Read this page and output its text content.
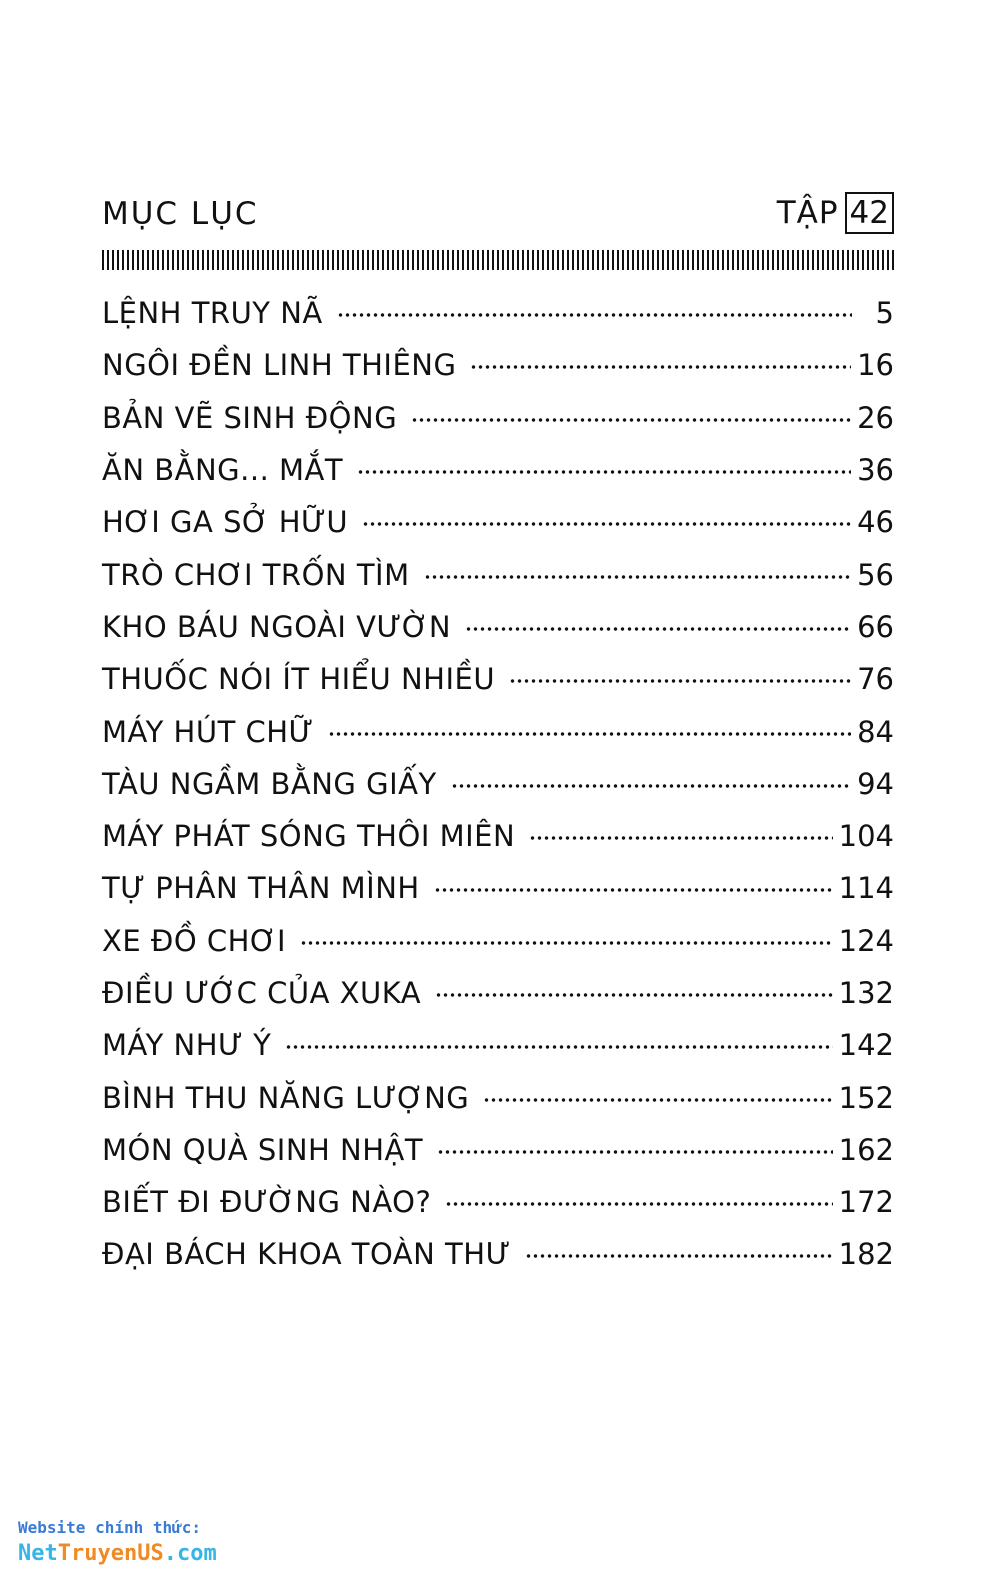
MỤC LỤC	TẬP 42
LỆNH TRUY NÃ	5
NGÔI ĐỀN LINH THIÊNG	16
BẢN VẼ SINH ĐỘNG	26
ĂN BẰNG... MẮT	36
HƠI GA SỞ HỮU	46
TRÒ CHƠI TRỐN TÌM	56
KHO BÁU NGOÀI VƯỜN	66
THUỐC NÓI ÍT HIỂU NHIỀU	76
MÁY HÚT CHỮ	84
TÀU NGẦM BẰNG GIẤY	94
MÁY PHÁT SÓNG THÔI MIÊN	104
TỰ PHÂN THÂN MÌNH	114
XE ĐỒ CHƠI	124
ĐIỀU ƯỚC CỦA XUKA	132
MÁY NHƯ Ý	142
BÌNH THU NĂNG LƯỢNG	152
MÓN QUÀ SINH NHẬT	162
BIẾT ĐI ĐƯỜNG NÀO?	172
ĐẠI BÁCH KHOA TOÀN THƯ	182
Website chính thức:
NetTruyenUS.com
